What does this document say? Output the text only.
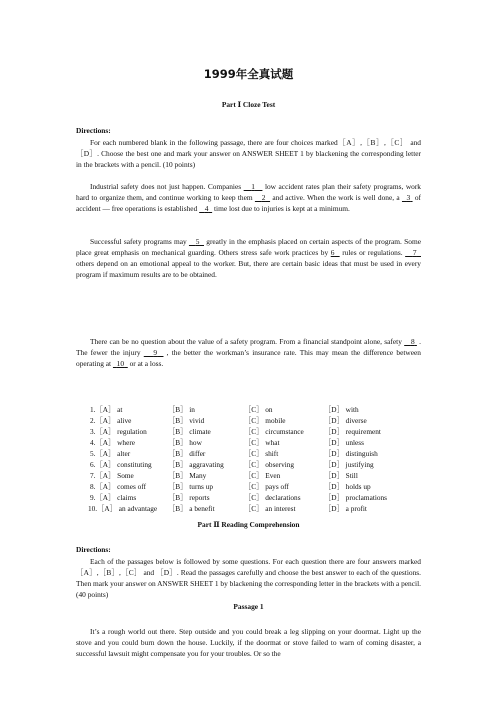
1999年全真试题
Part Ⅰ Cloze Test
Directions:

For each numbered blank in the following passage, there are four choices marked［A］,［B］,［C］ and ［D］. Choose the best one and mark your answer on ANSWER SHEET 1 by blackening the corresponding letter in the brackets with a pencil. (10 points)

Industrial safety does not just happen. Companies 1 low accident rates plan their safety programs, work hard to organize them, and continue working to keep them 2 and active. When the work is well done, a 3 of accident — free operations is established 4 time lost due to injuries is kept at a minimum.

Successful safety programs may 5 greatly in the emphasis placed on certain aspects of the program. Some place great emphasis on mechanical guarding. Others stress safe work practices by 6 rules or regulations. 7   others depend on an emotional appeal to the worker. But, there are certain basic ideas that must be used in every program if maximum results are to be obtained.

There can be no question about the value of a safety program. From a financial standpoint alone, safety 8 . The fewer the injury 9 , the better the workman’s insurance rate. This may mean the difference between operating at 10 or at a loss.

1.［A］ at	［B］ in	［C］ on	［D］ with
2.［A］ alive	［B］ vivid	［C］ mobile	［D］ diverse
3.［A］ regulation	［B］ climate	［C］ circumstance	［D］ requirement
4.［A］ where	［B］ how	［C］ what	［D］ unless
5.［A］ alter	［B］ differ	［C］ shift	［D］ distinguish
6.［A］ constituting ［B］ aggravating	［C］ observing	［D］ justifying
7.［A］ Some	［B］ Many	［C］ Even	［D］ Still
8.［A］ comes off	［B］ turns up	［C］ pays off	［D］ holds up
9.［A］ claims	［B］ reports	［C］ declarations	［D］ proclamations
10.［A］ an advantage ［B］ a benefit	［C］ an interest	［D］ a profit
Part Ⅱ Reading Comprehension
Directions:

Each of the passages below is followed by some questions. For each question there are four answers marked ［A］,［B］,［C］ and ［D］. Read the passages carefully and choose the best answer to each of the questions. Then mark your answer on ANSWER SHEET 1 by blackening the corresponding letter in the brackets with a pencil. (40 points)

Passage 1

It’s a rough world out there. Step outside and you could break a leg slipping on your doormat. Light up the stove and you could burn down the house. Luckily, if the doormat or stove failed to warn of coming disaster, a successful lawsuit might compensate you for your troubles. Or so the
